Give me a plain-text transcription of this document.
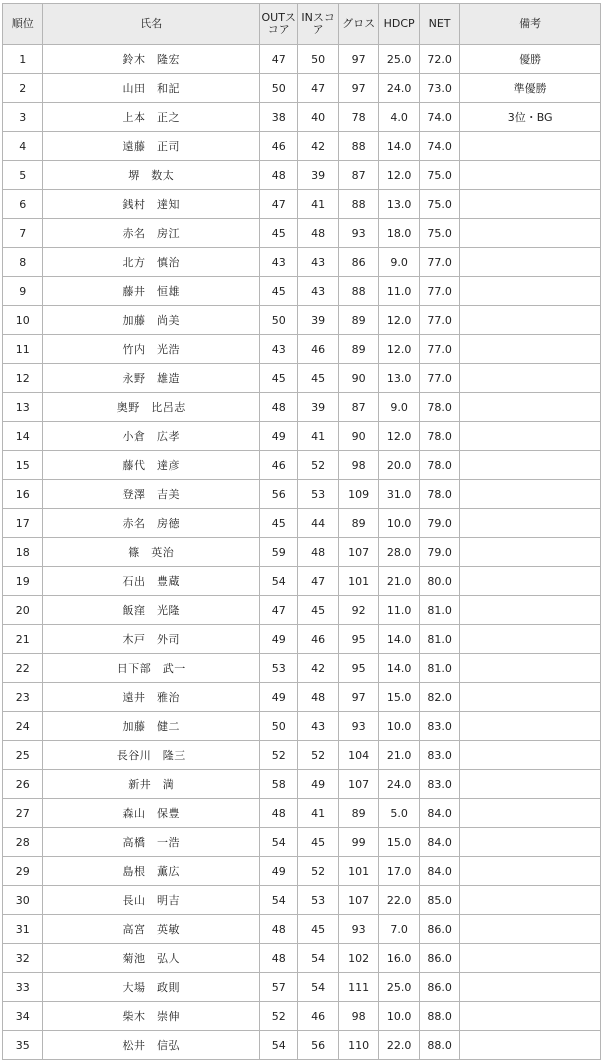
順位	氏名	OUTスコア	INスコア	グロス	HDCP	NET	備考
1	鈴木　隆宏	47	50	97	25.0	72.0	優勝
2	山田　和記	50	47	97	24.0	73.0	準優勝
3	上本　正之	38	40	78	4.0	74.0	3位・BG
4	遠藤　正司	46	42	88	14.0	74.0	
5	堺　数太	48	39	87	12.0	75.0	
6	銭村　達知	47	41	88	13.0	75.0	
7	赤名　房江	45	48	93	18.0	75.0	
8	北方　慎治	43	43	86	9.0	77.0	
9	藤井　恒雄	45	43	88	11.0	77.0	
10	加藤　尚美	50	39	89	12.0	77.0	
11	竹内　光浩	43	46	89	12.0	77.0	
12	永野　雄造	45	45	90	13.0	77.0	
13	奥野　比呂志	48	39	87	9.0	78.0	
14	小倉　広孝	49	41	90	12.0	78.0	
15	藤代　達彦	46	52	98	20.0	78.0	
16	登澤　吉美	56	53	109	31.0	78.0	
17	赤名　房徳	45	44	89	10.0	79.0	
18	篠　英治	59	48	107	28.0	79.0	
19	石出　豊蔵	54	47	101	21.0	80.0	
20	飯窪　光隆	47	45	92	11.0	81.0	
21	木戸　外司	49	46	95	14.0	81.0	
22	日下部　武一	53	42	95	14.0	81.0	
23	遠井　雅治	49	48	97	15.0	82.0	
24	加藤　健二	50	43	93	10.0	83.0	
25	長谷川　隆三	52	52	104	21.0	83.0	
26	新井　満	58	49	107	24.0	83.0	
27	森山　保豊	48	41	89	5.0	84.0	
28	高橋　一浩	54	45	99	15.0	84.0	
29	島根　薫広	49	52	101	17.0	84.0	
30	長山　明吉	54	53	107	22.0	85.0	
31	高宮　英敏	48	45	93	7.0	86.0	
32	菊池　弘人	48	54	102	16.0	86.0	
33	大場　政則	57	54	111	25.0	86.0	
34	柴木　崇伸	52	46	98	10.0	88.0	
35	松井　信弘	54	56	110	22.0	88.0	
